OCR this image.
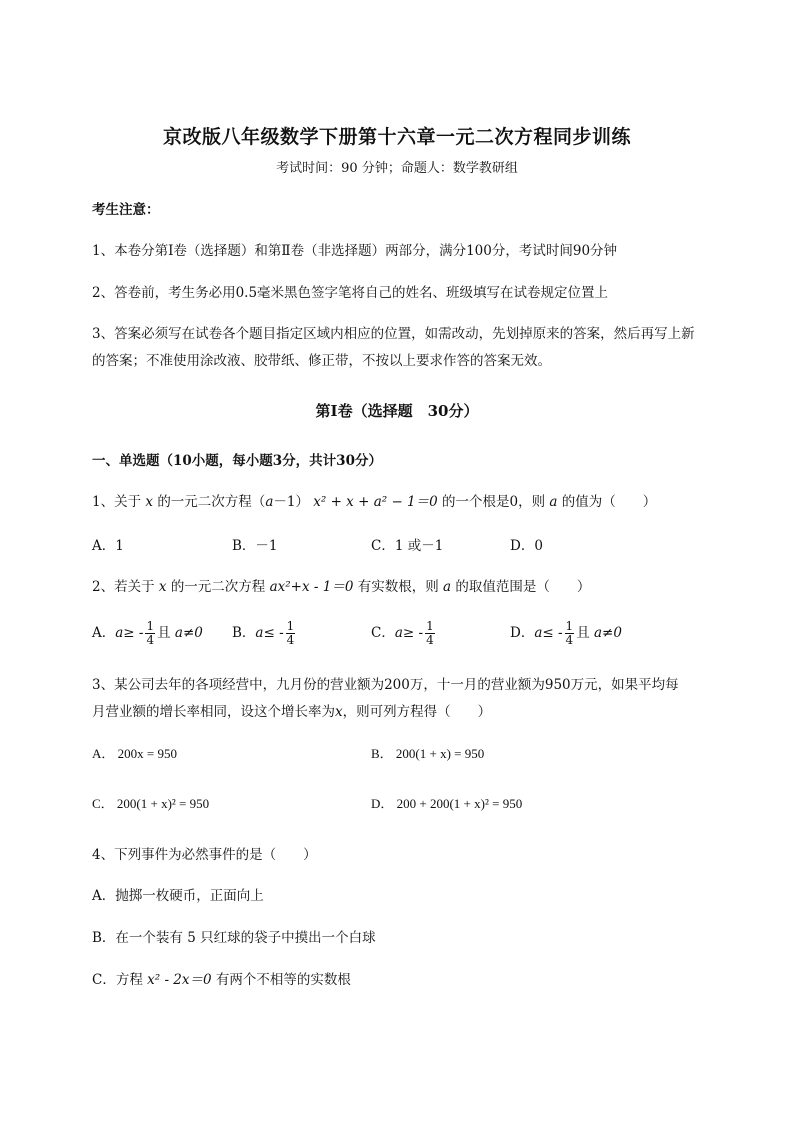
京改版八年级数学下册第十六章一元二次方程同步训练
考试时间：90 分钟；命题人：数学教研组
考生注意：
1、本卷分第Ⅰ卷（选择题）和第Ⅱ卷（非选择题）两部分，满分100分，考试时间90分钟
2、答卷前，考生务必用0.5毫米黑色签字笔将自己的姓名、班级填写在试卷规定位置上
3、答案必须写在试卷各个题目指定区域内相应的位置，如需改动，先划掉原来的答案，然后再写上新
的答案；不准使用涂改液、胶带纸、修正带，不按以上要求作答的答案无效。
第Ⅰ卷（选择题　30分）
一、单选题（10小题，每小题3分，共计30分）
1、关于 x 的一元二次方程（a－1） x² + x + a² − 1＝0 的一个根是0，则 a 的值为（　　）
A．1	B．－1	C．1 或－1	D．0
2、若关于 x 的一元二次方程 ax²+x - 1＝0 有实数根，则 a 的取值范围是（　　）
A．$a\ge - \frac{1}{4}$ 且 a≠0 B．$a\le - \frac{1}{4}$	C．$a\ge - \frac{1}{4}$	D．$a\le - \frac{1}{4}$ 且 a≠0
3、某公司去年的各项经营中，九月份的营业额为200万，十一月的营业额为950万元，如果平均每
月营业额的增长率相同，设这个增长率为x，则可列方程得（　　）
A． 200x = 950	B． 200(1 + x) = 950
C． 200(1 + x)² = 950	D． 200 + 200(1 + x)² = 950
4、下列事件为必然事件的是（　　）
A．抛掷一枚硬币，正面向上
B．在一个装有 5 只红球的袋子中摸出一个白球
C．方程 x² - 2x＝0 有两个不相等的实数根
